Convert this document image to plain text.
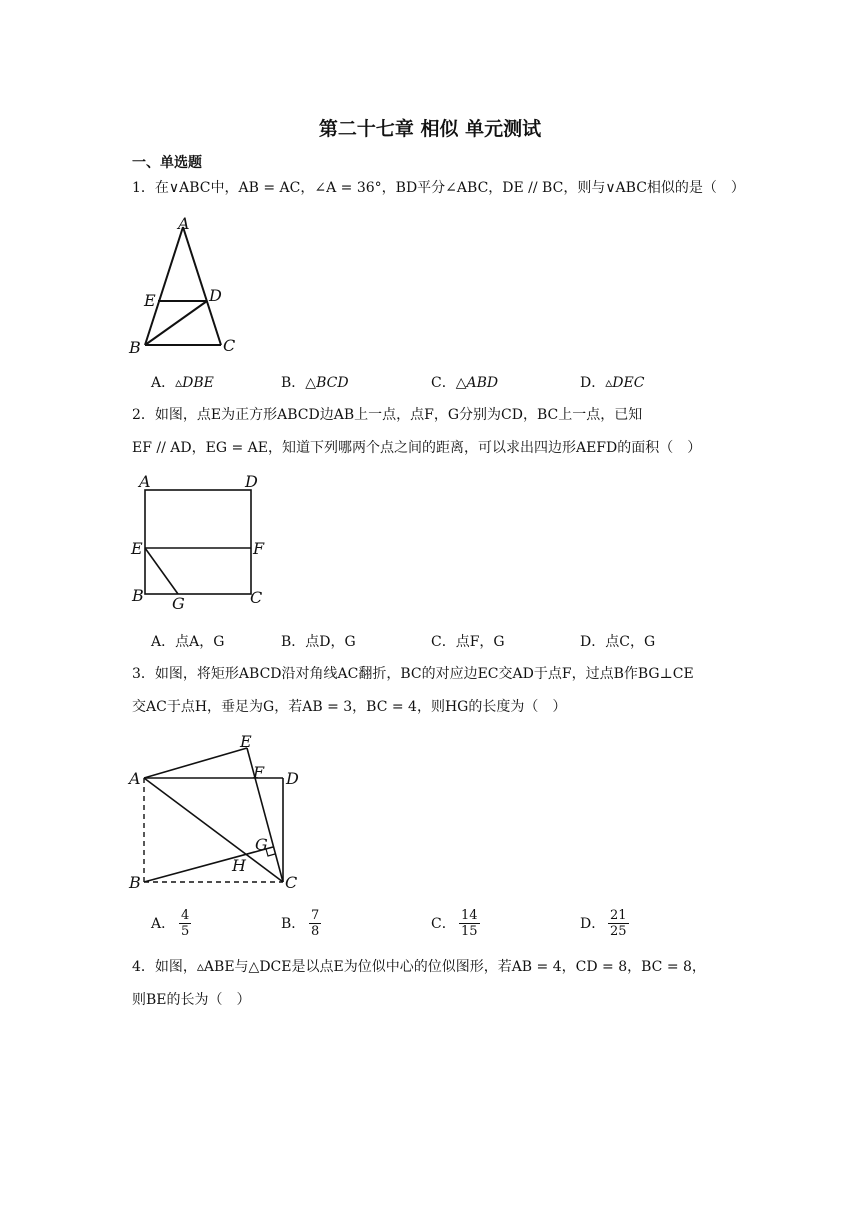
第二十七章 相似 单元测试
一、单选题
1．在∨ABC中，AB = AC，∠A = 36°，BD平分∠ABC，DE // BC，则与∨ABC相似的是（　）
A
E	D
B	C
A．▵DBE	B．△BCD	C．△ABD	D．▵DEC
2．如图，点E为正方形ABCD边AB上一点，点F，G分别为CD，BC上一点，已知
EF // AD，EG = AE，知道下列哪两个点之间的距离，可以求出四边形AEFD的面积（　）
A	D
E	F
B G	C
A．点A，G	B．点D，G	C．点F，G	D．点C，G
3．如图，将矩形ABCD沿对角线AC翻折，BC的对应边EC交AD于点F，过点B作BG⊥CE
交AC于点H，垂足为G，若AB = 3，BC = 4，则HG的长度为（　）
A
E
F D
G
H
B	C
A． $\frac{4}{5}$	B． $\frac{7}{8}$	C． $\frac{14}{15}$	D． $\frac{21}{25}$
4．如图，▵ABE与△DCE是以点E为位似中心的位似图形，若AB = 4，CD = 8，BC = 8，
则BE的长为（　）
